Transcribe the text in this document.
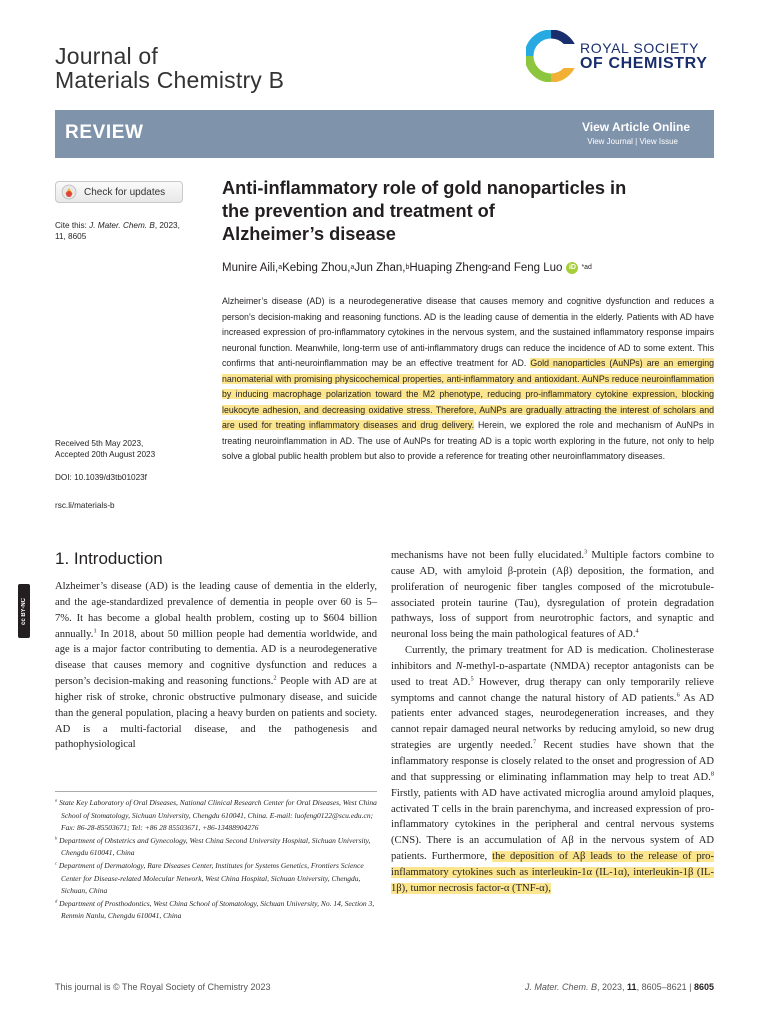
Journal of
Materials Chemistry B
ROYAL SOCIETY
OF CHEMISTRY
REVIEW	View Article Online
View Journal | View Issue
Check for updates
Cite this: J. Mater. Chem. B, 2023,
11, 8605
Received 5th May 2023,
Accepted 20th August 2023
DOI: 10.1039/d3tb01023f
rsc.li/materials-b
Anti-inflammatory role of gold nanoparticles in
the prevention and treatment of
Alzheimer’s disease
Munire Aili, a Kebing Zhou, a Jun Zhan, b Huaping Zheng c and Feng Luo iD *ad
Alzheimer’s disease (AD) is a neurodegenerative disease that causes memory and cognitive dysfunction and reduces a person’s decision-making and reasoning functions. AD is the leading cause of dementia in the elderly. Patients with AD have increased expression of pro-inflammatory cytokines in the nervous system, and the sustained inflammatory response impairs neuronal function. Meanwhile, long-term use of anti-inflammatory drugs can reduce the incidence of AD to some extent. This confirms that anti-neuroinflammation may be an effective treatment for AD. Gold nanoparticles (AuNPs) are an emerging nanomaterial with promising physicochemical properties, anti-inflammatory and antioxidant. AuNPs reduce neuroinflammation by inducing macrophage polarization toward the M2 phenotype, reducing pro-inflammatory cytokine expression, blocking leukocyte adhesion, and decreasing oxidative stress. Therefore, AuNPs are gradually attracting the interest of scholars and are used for treating inflammatory diseases and drug delivery. Herein, we explored the role and mechanism of AuNPs in treating neuroinflammation in AD. The use of AuNPs for treating AD is a topic worth exploring in the future, not only to help solve a global public health problem but also to provide a reference for treating other neuroinflammatory diseases.
cc BY-NC
1. Introduction

Alzheimer’s disease (AD) is the leading cause of dementia in the elderly, and the age-standardized prevalence of dementia in people over 60 is 5–7%. It has become a global health problem, costing up to $604 billion annually.$^1$ In 2018, about 50 million people had dementia worldwide, and age is a major factor contributing to dementia. AD is a neurodegenerative disease that causes memory and cognitive dysfunction and reduces a person’s decision-making and reasoning functions.$^2$ People with AD are at higher risk of stroke, chronic obstructive pulmonary disease, and suicide than the general population, placing a heavy burden on patients and society. AD is a multi-factorial disease, and the pathogenesis and pathophysiological

$^a$ State Key Laboratory of Oral Diseases, National Clinical Research Center for Oral Diseases, West China School of Stomatology, Sichuan University, Chengdu 610041, China. E-mail: luofeng0122@scu.edu.cn; Fax: 86-28-85503671; Tel: +86 28 85503671, +86-13488904276
$^b$ Department of Obstetrics and Gynecology, West China Second University Hospital, Sichuan University, Chengdu 610041, China
$^c$ Department of Dermatology, Rare Diseases Center, Institutes for Systems Genetics, Frontiers Science Center for Disease-related Molecular Network, West China Hospital, Sichuan University, Chengdu, Sichuan, China
$^d$ Department of Prosthodontics, West China School of Stomatology, Sichuan University, No. 14, Section 3, Renmin Nanlu, Chengdu 610041, China

mechanisms have not been fully elucidated.$^3$ Multiple factors combine to cause AD, with amyloid β-protein (Aβ) deposition, the formation, and proliferation of neurogenic fiber tangles composed of the microtubule-associated protein taurine (Tau), dysregulation of protein degradation pathways, loss of support from neurotrophic factors, and synaptic and neuronal loss being the main pathological features of AD.$^4$

Currently, the primary treatment for AD is medication. Cholinesterase inhibitors and N-methyl-ᴅ-aspartate (NMDA) receptor antagonists can be used to treat AD.$^5$ However, drug therapy can only temporarily relieve symptoms and cannot change the natural history of AD patients.$^6$ As AD patients enter advanced stages, neurodegeneration increases, and they cannot repair damaged neural networks by reducing amyloid, so new drug strategies are urgently needed.$^7$ Recent studies have shown that the inflammatory response is closely related to the onset and progression of AD and that suppressing or eliminating inflammation may help to treat AD.$^8$ Firstly, patients with AD have activated microglia around amyloid plaques, activated T cells in the brain parenchyma, and increased expression of pro-inflammatory cytokines in the peripheral and central nervous systems (CNS). There is an accumulation of Aβ in the nervous system of AD patients. Furthermore, the deposition of Aβ leads to the release of pro-inflammatory cytokines such as interleukin-1α (IL-1α), interleukin-1β (IL-1β), tumor necrosis factor-α (TNF-α),

This journal is © The Royal Society of Chemistry 2023	J. Mater. Chem. B, 2023, 11, 8605–8621 | 8605
